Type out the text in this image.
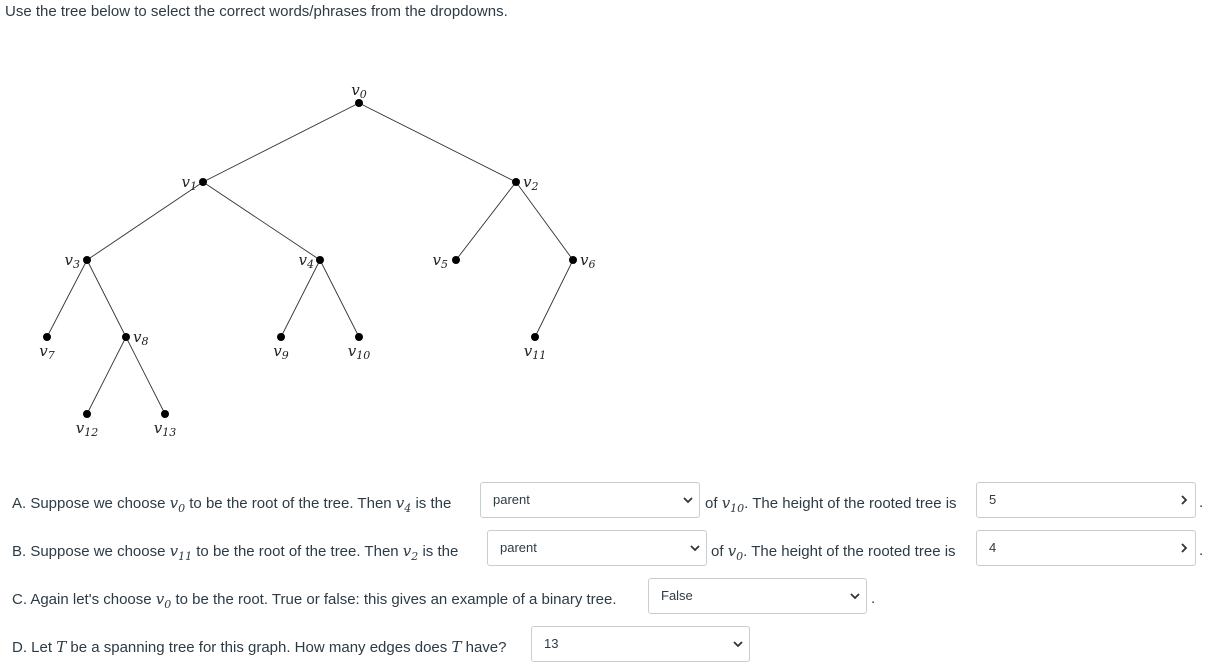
Use the tree below to select the correct words/phrases from the dropdowns.
$v_0$
$v_1$	$v_2$
$v_3$	$v_4$	$v_5$	$v_6$
$v_7$
$v_8$
$v_9$	$v_{10}$	$v_{11}$
$v_{12}$	$v_{13}$
A. Suppose we choose $v_0$ to be the root of the tree. Then $v_4$ is the	parent	of $v_{10}$. The height of the rooted tree is 5	.
B. Suppose we choose $v_{11}$ to be the root of the tree. Then $v_2$ is the	parent	of $v_0$. The height of the rooted tree is	4	.
C. Again let's choose $v_0$ to be the root. True or false: this gives an example of a binary tree.	False	.
D. Let T be a spanning tree for this graph. How many edges does T have?	13
